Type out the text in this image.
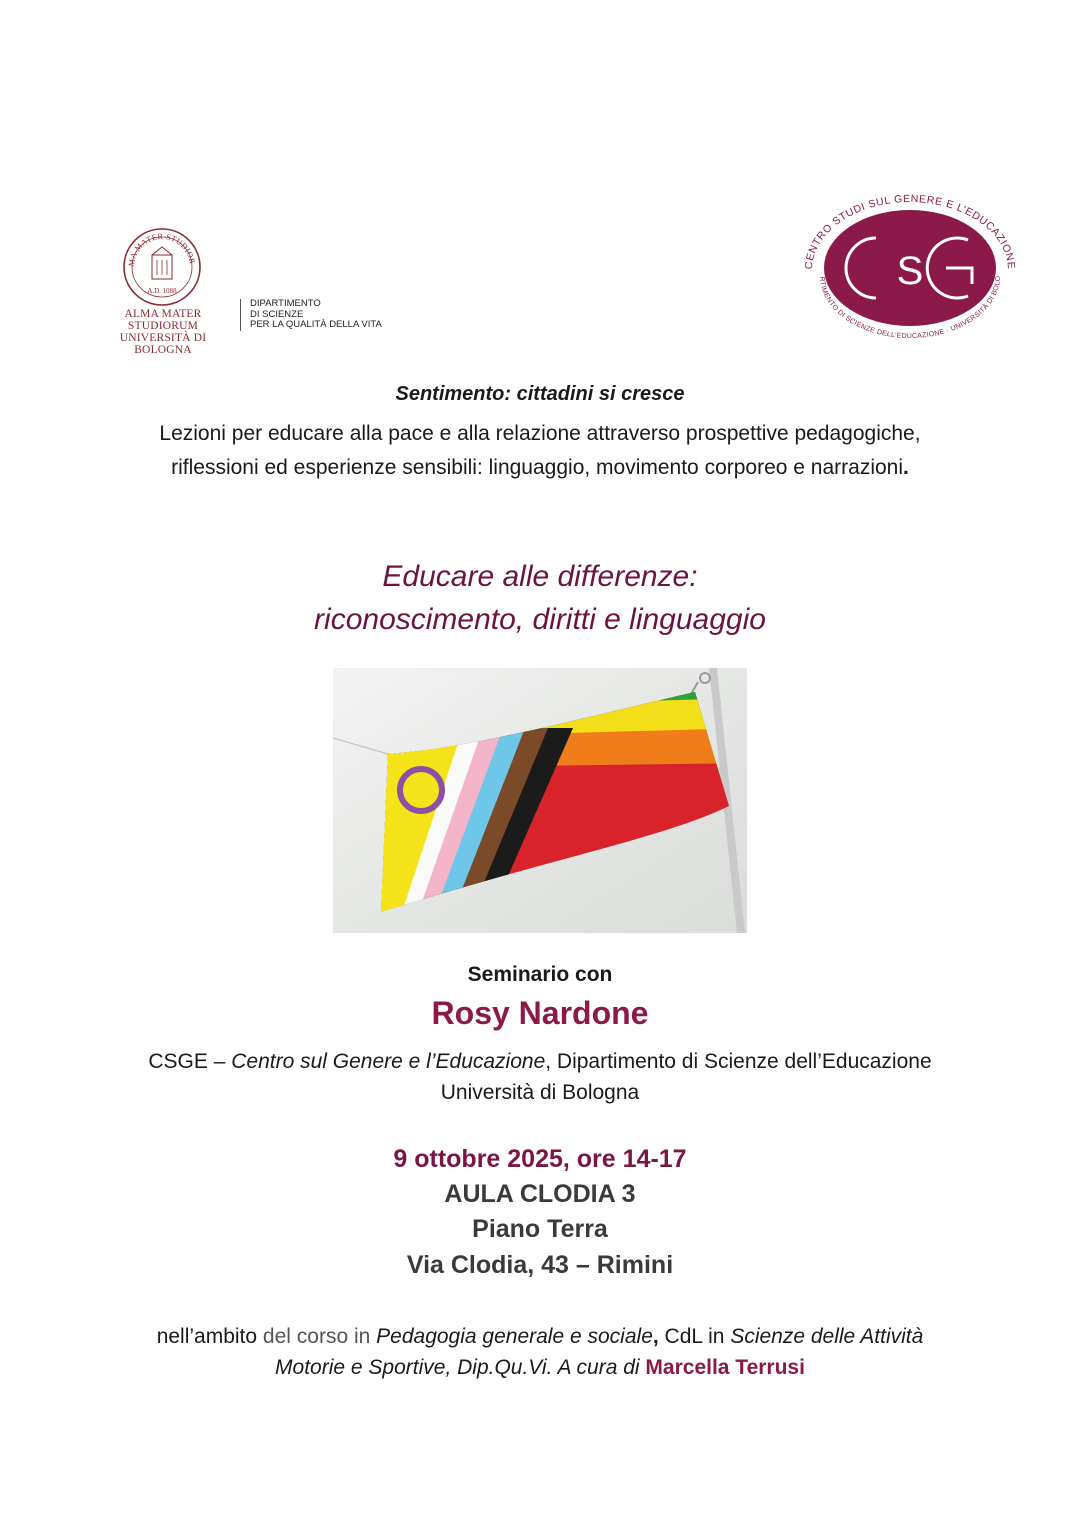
MA MATER STUDIOR
A.D. 1088
ALMA MATER STUDIORUM
UNIVERSITÀ DI BOLOGNA
DIPARTIMENTO
DI SCIENZE
PER LA QUALITÀ DELLA VITA
CENTRO STUDI SUL GENERE E L’EDUCAZIONE
RTIMENTO DI SCIENZE DELL’EDUCAZIONE · UNIVERSITÀ DI BOLO
S
Sentimento: cittadini si cresce
Lezioni per educare alla pace e alla relazione attraverso prospettive pedagogiche,
riflessioni ed esperienze sensibili: linguaggio, movimento corporeo e narrazioni.
Educare alle differenze:
riconoscimento, diritti e linguaggio
Seminario con
Rosy Nardone
CSGE – Centro sul Genere e l’Educazione, Dipartimento di Scienze dell’Educazione
Università di Bologna
9 ottobre 2025, ore 14-17
AULA CLODIA 3
Piano Terra
Via Clodia, 43 – Rimini
nell’ambito del corso in Pedagogia generale e sociale, CdL in Scienze delle Attività
Motorie e Sportive, Dip.Qu.Vi. A cura di Marcella Terrusi
